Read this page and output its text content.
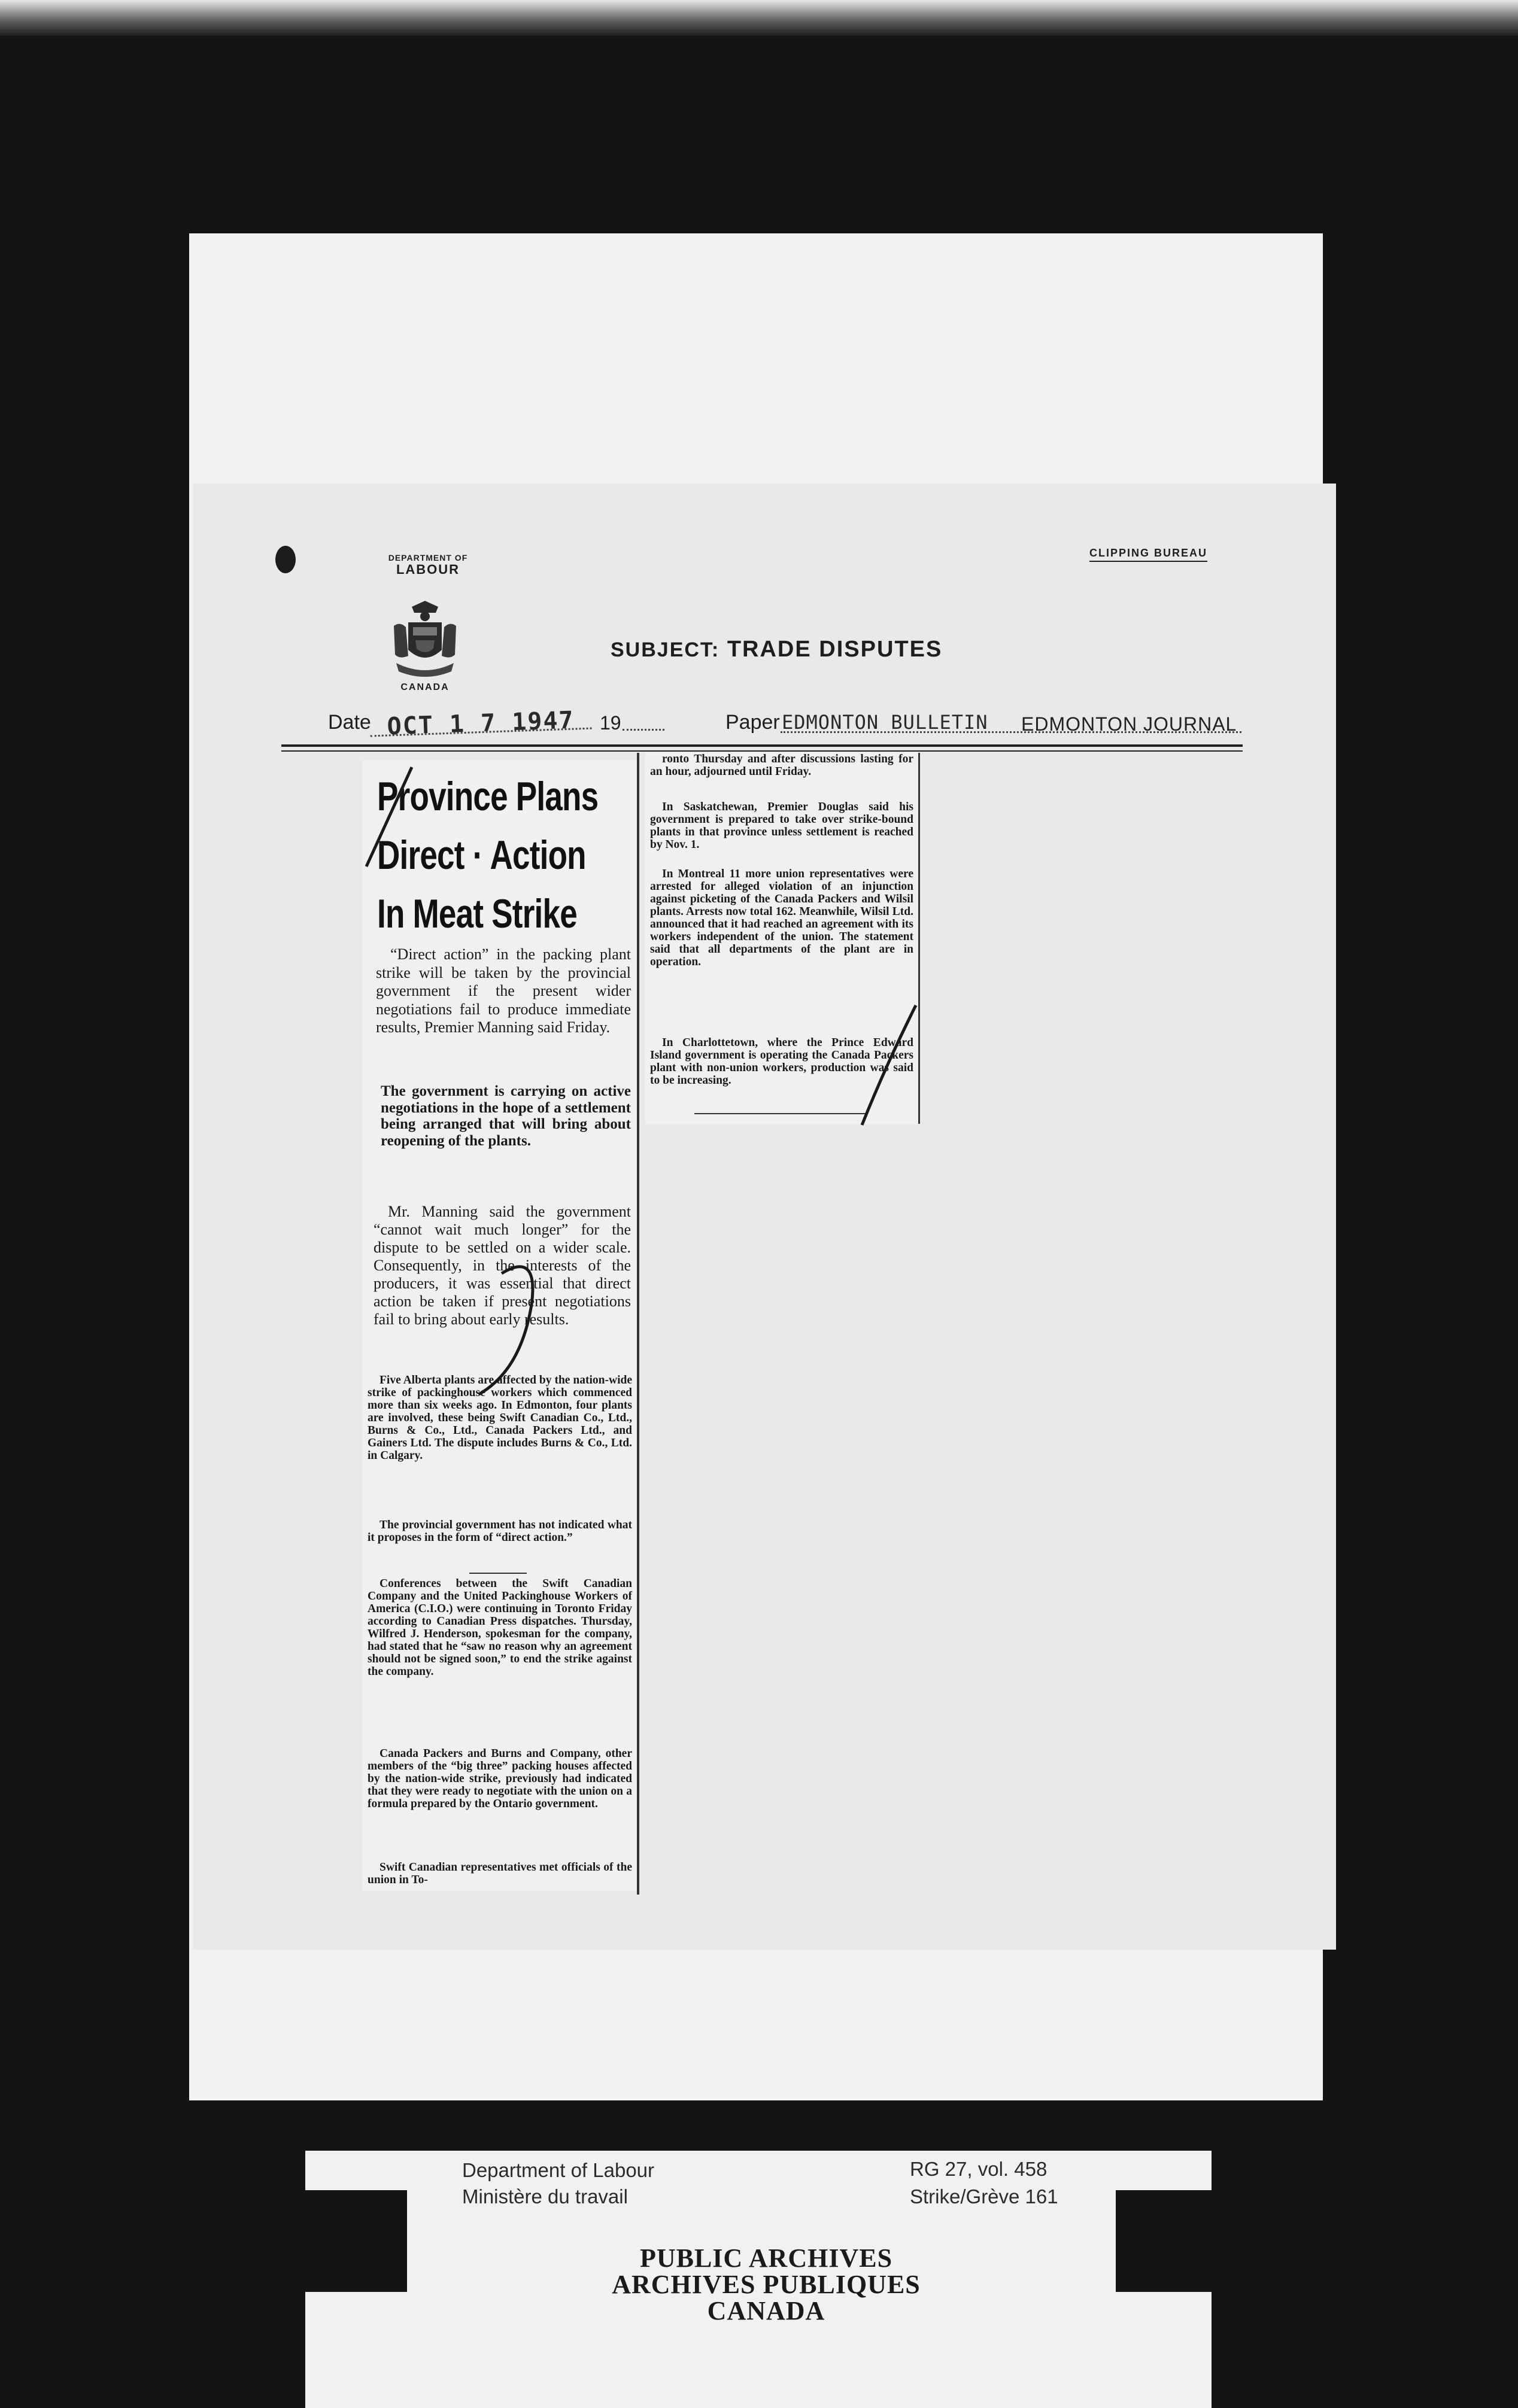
DEPARTMENT OF
LABOUR
CANADA
CLIPPING BUREAU
SUBJECT: TRADE DISPUTES
Date OCT 1 7 1947	19	Paper EDMONTON BULLETIN EDMONTON JOURNAL
Province Plans
Direct · Action
In Meat Strike

“Direct action” in the packing plant strike will be taken by the provincial government if the present wider negotiations fail to produce immediate results, Premier Manning said Friday.

The government is carrying on active negotiations in the hope of a settlement being arranged that will bring about reopening of the plants.

Mr. Manning said the government “cannot wait much longer” for the dispute to be settled on a wider scale. Consequently, in the interests of the producers, it was essential that direct action be taken if present negotiations fail to bring about early results.

Five Alberta plants are affected by the nation-wide strike of packinghouse workers which commenced more than six weeks ago. In Edmonton, four plants are involved, these being Swift Canadian Co., Ltd., Burns & Co., Ltd., Canada Packers Ltd., and Gainers Ltd. The dispute includes Burns & Co., Ltd. in Calgary.

The provincial government has not indicated what it proposes in the form of “direct action.”

Conferences between the Swift Canadian Company and the United Packinghouse Workers of America (C.I.O.) were continuing in Toronto Friday according to Canadian Press dispatches. Thursday, Wilfred J. Henderson, spokesman for the company, had stated that he “saw no reason why an agreement should not be signed soon,” to end the strike against the company.

Canada Packers and Burns and Company, other members of the “big three” packing houses affected by the nation-wide strike, previously had indicated that they were ready to negotiate with the union on a formula prepared by the Ontario government.

Swift Canadian representatives met officials of the union in To-

ronto Thursday and after discussions lasting for an hour, adjourned until Friday.

In Saskatchewan, Premier Douglas said his government is prepared to take over strike-bound plants in that province unless settlement is reached by Nov. 1.

In Montreal 11 more union representatives were arrested for alleged violation of an injunction against picketing of the Canada Packers and Wilsil plants. Arrests now total 162. Meanwhile, Wilsil Ltd. announced that it had reached an agreement with its workers independent of the union. The statement said that all departments of the plant are in operation.

In Charlottetown, where the Prince Edward Island government is operating the Canada Packers plant with non-union workers, production was said to be increasing.

Department of Labour
Ministère du travail
RG 27, vol. 458
Strike/Grève 161
PUBLIC ARCHIVES
ARCHIVES PUBLIQUES
CANADA
